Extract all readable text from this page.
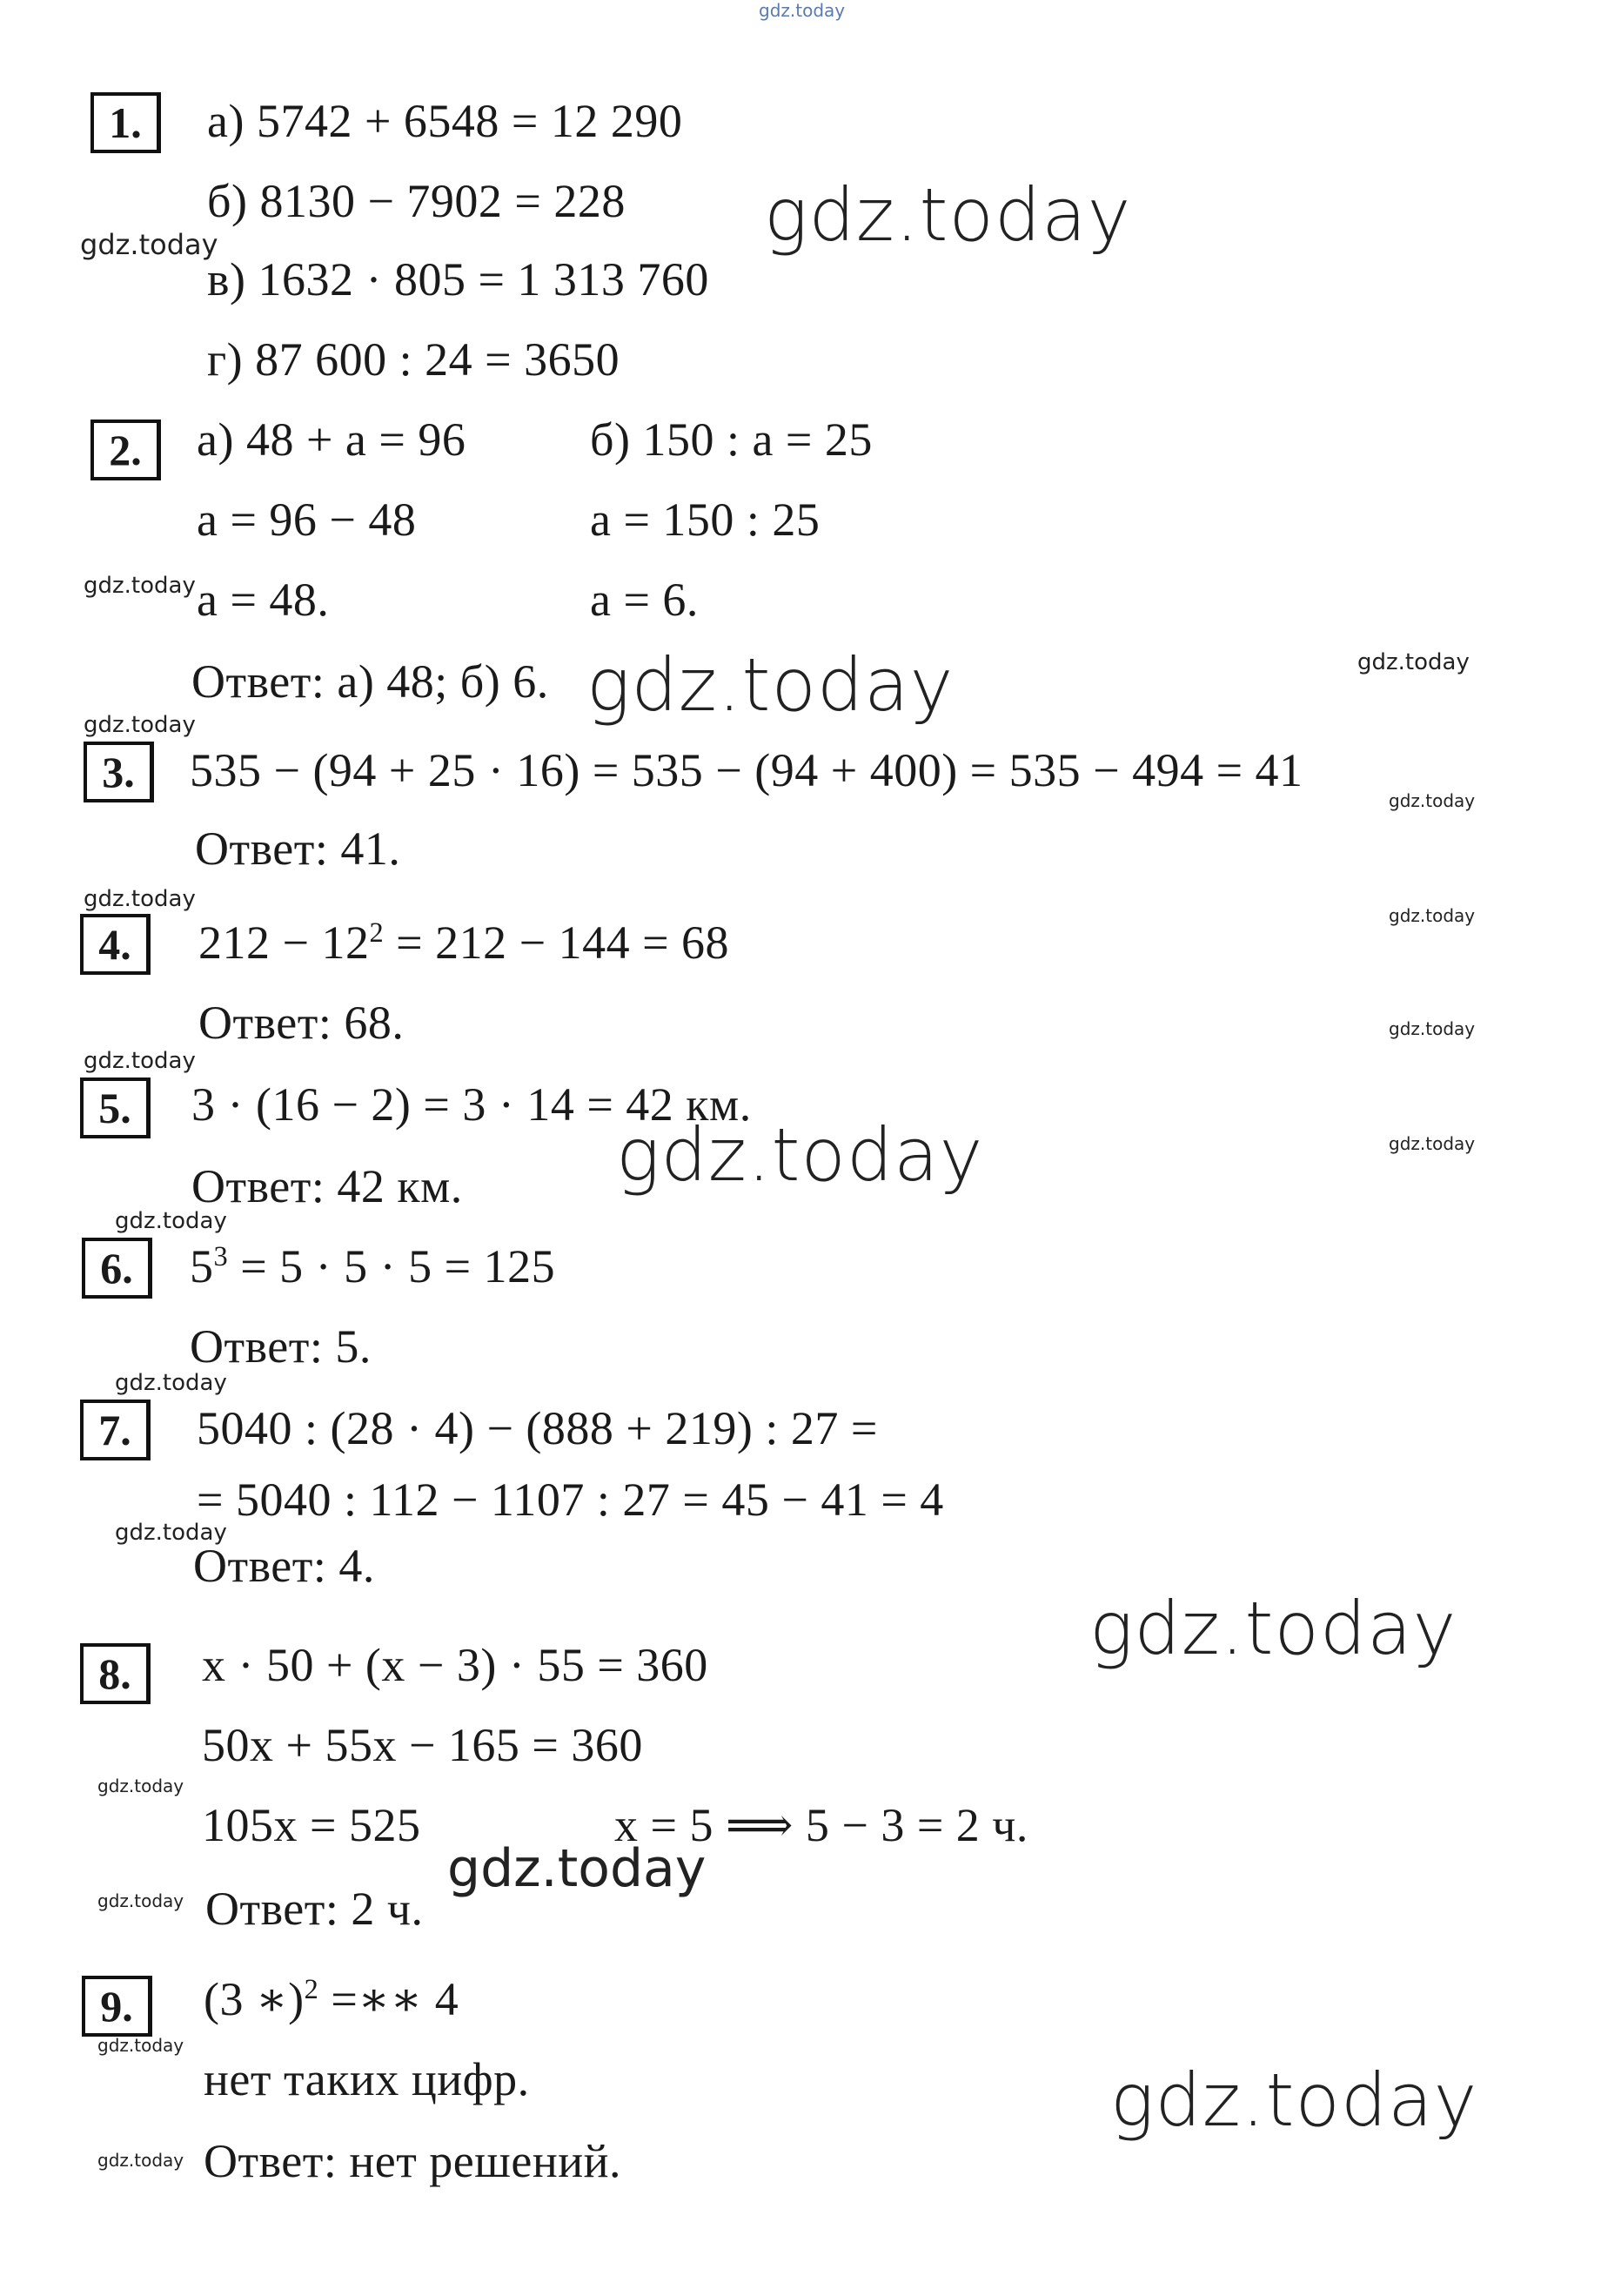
gdz.today
1.	а) 5742 + 6548 = 12 290
б) 8130 − 7902 = 228
в) 1632 · 805 = 1 313 760
г) 87 600 : 24 = 3650
2.	а) 48 + a = 96
a = 96 − 48
a = 48.
б) 150 : a = 25
a = 150 : 25
a = 6.
Ответ: а) 48; б) 6.
3.	535 − (94 + 25 · 16) = 535 − (94 + 400) = 535 − 494 = 41
Ответ: 41.
4.	$212 - 12^2 = 212 - 144 = 68$
Ответ: 68.
5.	3 · (16 − 2) = 3 · 14 = 42 км.
Ответ: 42 км.
6.	$5^3 = 5 \cdot 5 \cdot 5 = 125$
Ответ: 5.
7.	5040 : (28 · 4) − (888 + 219) : 27 =
= 5040 : 112 − 1107 : 27 = 45 − 41 = 4
Ответ: 4.
8.	x · 50 + (x − 3) · 55 = 360
50x + 55x − 165 = 360
105x = 525	x = 5 ⟹ 5 − 3 = 2 ч.
Ответ: 2 ч.
9.	(3 ∗)$^2$ =∗∗ 4
нет таких цифр.
Ответ: нет решений.
gdz.today
gdz.today
gdz.today
gdz.today
gdz.today
gdz.today
gdz.today
gdz.today
gdz.today
gdz.today
gdz.today
gdz.today
gdz.today
gdz.today
gdz.today
gdz.today
gdz.today
gdz.today
gdz.today
gdz.today
gdz.today
gdz.today
gdz.today
